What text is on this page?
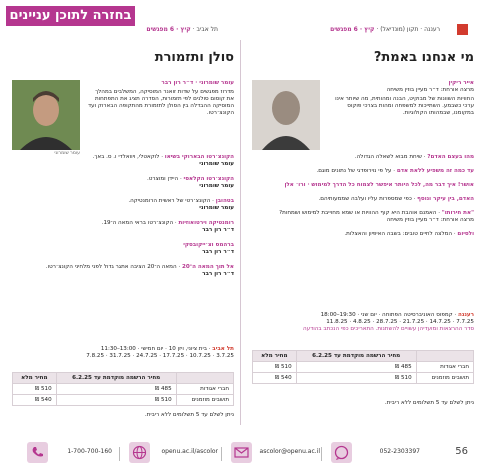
בחזרה לתוכן עניינים
רעננה · תקון (מונדיאל) · קיץ · 6 מפגשים
תל אביב · קיץ · 6 מפגשים
מי אנחנו באמת?
אייר ריקין
מרצה אורחת: ד״ר מעיין בוזין משיחה
החוויות השוונות של מבוקיט, הבנה ומהותית, מה שיותר אינו ערכי כשבמע. השתייכות למשפחה ומהות בצרכי פוקוס במקומנו, שבמהותו הקולוגיות.
מהו בעצם האדם? · שיחת מבוא לשאלה הגדולה.
עד כמה זה משפיע ללאת אדם · על פי נוירופדגי של נתונים מוגם.
אושר! איך דבר מה, לכל היותר איפשר לצמוח כל הדרך למימוש · ורו׳ אלן
האדם, בין עיקר ונוסף · כפי שמספרות עליו ועלבה שממעותיהם.
"את חירותו" · האמנם אוהבת היא קוף ההוויות או שמא מחוייבת למימוש ושמחות?
מרצה אורחת: ד״ר מעיין בוזין משיחה
ולסיום · המלצה לחיים טובים: בשבה האיפיון והאצלות.
רעננה · קמפוס האוניברסיטה הפתוחה · יום שני · 19:30–18:00
7.7.25 · 14.7.25 · 21.7.25 · 28.7.25 · 4.8.25 · 11.8.25
סדר ההרצאות ומועדיהן עשויים להשתנות. התאריכים כפי הנכתב בהודעה
	מחיר הרשמה מוקדמת עד 6.2.25	מחיר מלא
חברי אגודות	485 ₪	510 ₪
תושבים מוזמנים	510 ₪	540 ₪
ניתן לשלם עד 5 תשלומים ללא ריבית.
סולן ותזמורת
עומר שומרוני
עומר שומרוני · ד״ר רון רבר
מדרוז מפגשים על שדות זואנר המוסיקה, המשלבים במהלך את קוסום סולנים לפי תזמורות, הסדרה תציג את התפתחות המוסיקה ההבדלה בין הסולן לתזמורת מהתקופה הבארוק ועד הקונצ׳רטו.
הקונצ׳רטו הבארוקי בשיאו · לוקאטלי, ויוואלדי ו. ס. באך.
עומר שומרוני
הקונצ׳רטו הקלאסי · היידן ומוצרט.
עומר שומרוני
בטהובן · הקונצ׳רטי של ראשית הרומנטיקה.
עומר שומרוני
רומנטיקה וירטואוזיות · הקונצ׳רטו בראי המאה ה־19.
ד״ר רון רבר
ברהמס וצ׳ייקובסקי
ד״ר רון רבר
אל תוך המאה ה־20 · המאה ה־20 הציבה אתגר גדול לפני מלחיני הקונצ׳רטו.
ד״ר רון רבר
תל אביב · בית ציוני, ויזן 10 · יום חמישי · 13:00–11:30
3.7.25 · 10.7.25 · 17.7.25 · 24.7.25 · 31.7.25 · 7.8.25
	מחיר הרשמה מוקדמת עד 6.2.25	מחיר מלא
חברי אגודות	485 ₪	510 ₪
תושבים מוזמנים	510 ₪	540 ₪
ניתן לשלם עד 5 תשלומים ללא ריבית.
56
052-2303397
ascolor@openu.ac.il
openu.ac.il/ascolor
1-700-700-160
